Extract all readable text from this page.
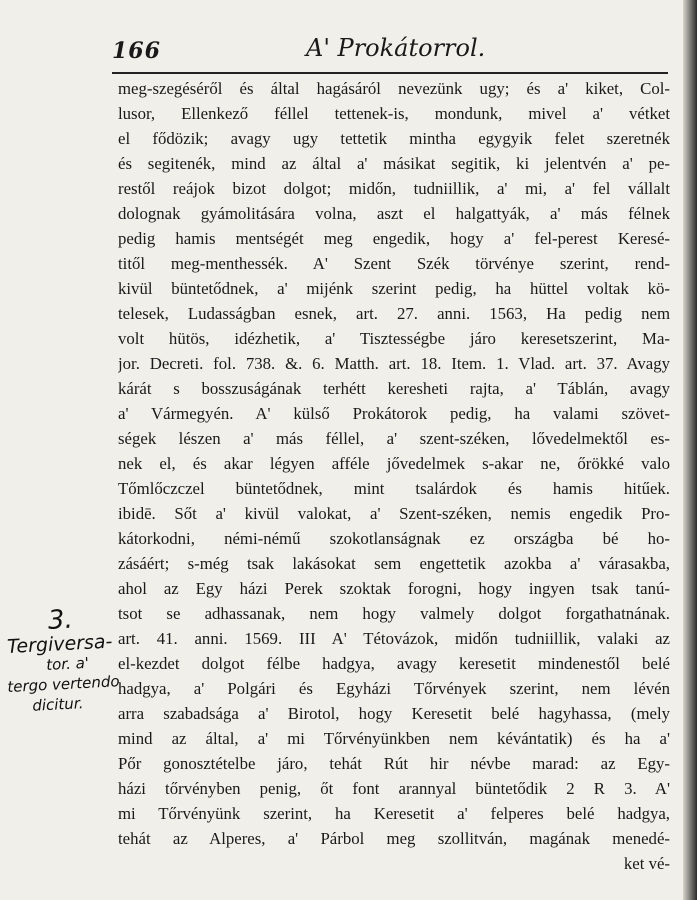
166	A' Prokátorrol.
meg-szegéséről és által hagásáról nevezünk ugy; és a' kiket, Col-
lusor, Ellenkező féllel tettenek-is, mondunk, mivel a' vétket
el fődözik; avagy ugy tettetik mintha egygyik felet szeretnék
és segitenék, mind az által a' másikat segitik, ki jelentvén a' pe-
restől reájok bizot dolgot; midőn, tudniillik, a' mi, a' fel vállalt
dolognak gyámolitására volna, aszt el halgattyák, a' más félnek
pedig hamis mentségét meg engedik, hogy a' fel-perest Keresé-
titől meg-menthessék. A' Szent Szék törvénye szerint, rend-
kivül büntetődnek, a' mijénk szerint pedig, ha hüttel voltak kö-
telesek, Ludasságban esnek, art. 27. anni. 1563, Ha pedig nem
volt hütös, idézhetik, a' Tisztességbe járo keresetszerint, Ma-
jor. Decreti. fol. 738. &. 6. Matth. art. 18. Item. 1. Vlad. art. 37. Avagy
kárát s bosszuságának terhétt keresheti rajta, a' Táblán, avagy
a' Vármegyén. A' külső Prokátorok pedig, ha valami szövet-
ségek lészen a' más féllel, a' szent-széken, lővedelmektől es-
nek el, és akar légyen afféle jővedelmek s-akar ne, őrökké valo
Tőmlőczczel büntetődnek, mint tsalárdok és hamis hitűek.
ibidē. Sőt a' kivül valokat, a' Szent-széken, nemis engedik Pro-
kátorkodni, némi-némű szokotlanságnak ez országba bé ho-
zásáért; s-még tsak lakásokat sem engettetik azokba a' várasakba,
ahol az Egy házi Perek szoktak forogni, hogy ingyen tsak tanú-
tsot se adhassanak, nem hogy valmely dolgot forgathatnának.
art. 41. anni. 1569. III A' Tétovázok, midőn tudniillik, valaki az
el-kezdet dolgot félbe hadgya, avagy keresetit mindenestől belé
hadgya, a' Polgári és Egyházi Tőrvények szerint, nem lévén
arra szabadsága a' Birotol, hogy Keresetit belé hagyhassa, (mely
mind az által, a' mi Tőrvényünkben nem kévántatik) és ha a'
Pőr gonosztételbe járo, tehát Rút hir névbe marad: az Egy-
házi tőrvényben penig, őt font arannyal büntetődik 2 R 3. A'
mi Tőrvényünk szerint, ha Keresetit a' felperes belé hadgya,
tehát az Alperes, a' Párbol meg szollitván, magának menedé-
ket vé-
3.
Tergiversa-
tor. a'
tergo vertendo
dicitur.
